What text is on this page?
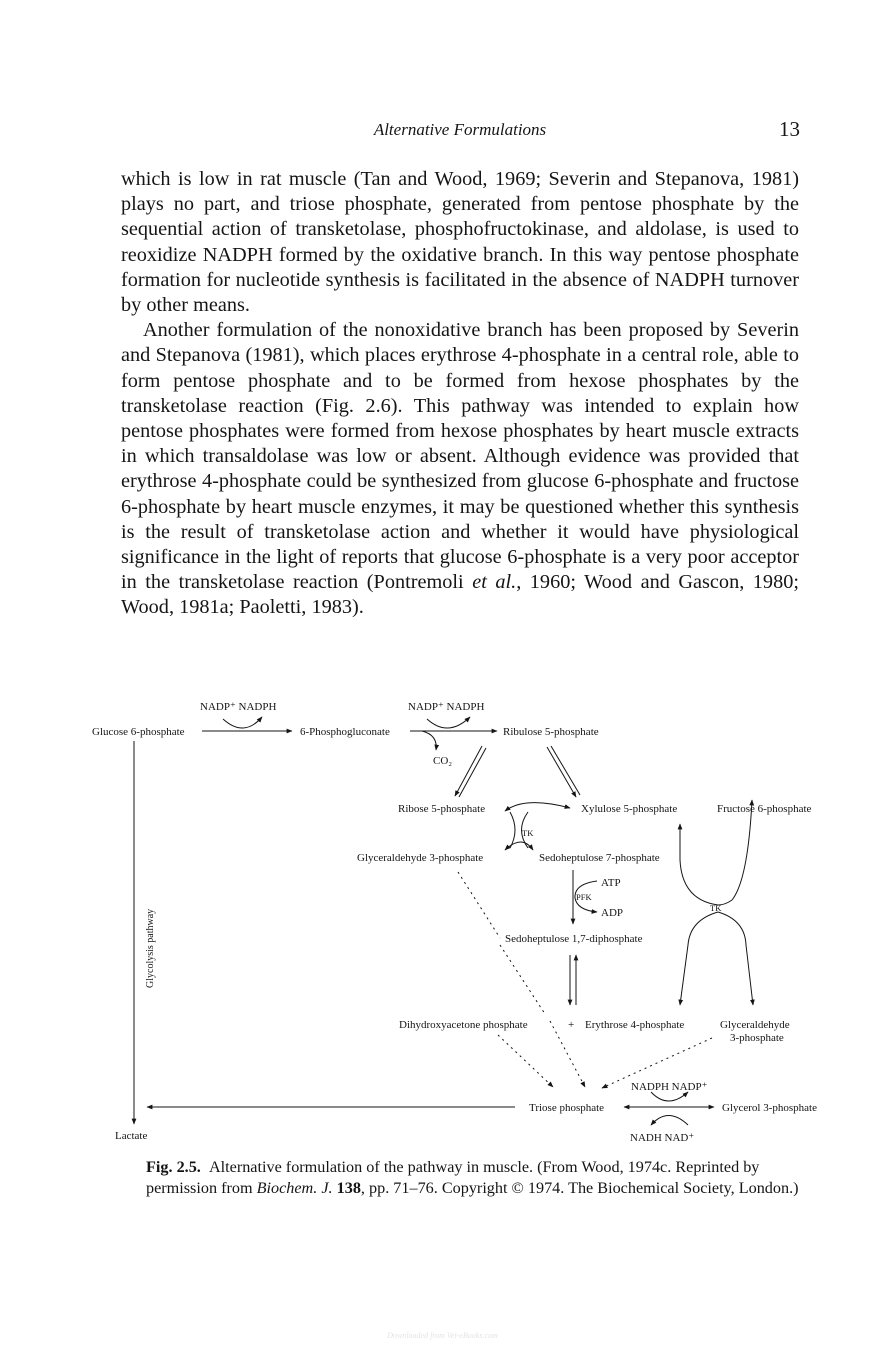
Alternative Formulations	13

which is low in rat muscle (Tan and Wood, 1969; Severin and Stepanova, 1981) plays no part, and triose phosphate, generated from pentose phosphate by the sequential action of transketolase, phosphofructokinase, and aldolase, is used to reoxidize NADPH formed by the oxidative branch. In this way pentose phosphate formation for nucleotide synthesis is facilitated in the absence of NADPH turnover by other means.

Another formulation of the nonoxidative branch has been proposed by Severin and Stepanova (1981), which places erythrose 4-phosphate in a central role, able to form pentose phosphate and to be formed from hexose phosphates by the transketolase reaction (Fig. 2.6). This pathway was intended to explain how pentose phosphates were formed from hexose phosphates by heart muscle extracts in which transaldolase was low or absent. Although evidence was provided that erythrose 4-phosphate could be synthesized from glucose 6-phosphate and fructose 6-phosphate by heart muscle enzymes, it may be questioned whether this synthesis is the result of transketolase action and whether it would have physiological significance in the light of reports that glucose 6-phosphate is a very poor acceptor in the transketolase reaction (Pontremoli et al., 1960; Wood and Gascon, 1980; Wood, 1981a; Paoletti, 1983).

Glucose 6-phosphate
NADP⁺ NADPH
6-Phosphogluconate
NADP⁺ NADPH
CO₂
Ribulose 5-phosphate
Ribose 5-phosphate	Xylulose 5-phosphate	Fructose 6-phosphate
TK
Glyceraldehyde 3-phosphate	Sedoheptulose 7-phosphate
ATP
PFK
ADP	TK
Glycolysis pathway	Sedoheptulose 1,7-diphosphate
Dihydroxyacetone phosphate	+ Erythrose 4-phosphate	Glyceraldehyde
3-phosphate
NADPH NADP⁺
Triose phosphate	Glycerol 3-phosphate
Lactate	NADH NAD⁺
Fig. 2.5. Alternative formulation of the pathway in muscle. (From Wood, 1974c. Reprinted by permission from Biochem. J. 138, pp. 71–76. Copyright © 1974. The Biochemical Society, London.)
Downloaded from Vet-eBooks.com
